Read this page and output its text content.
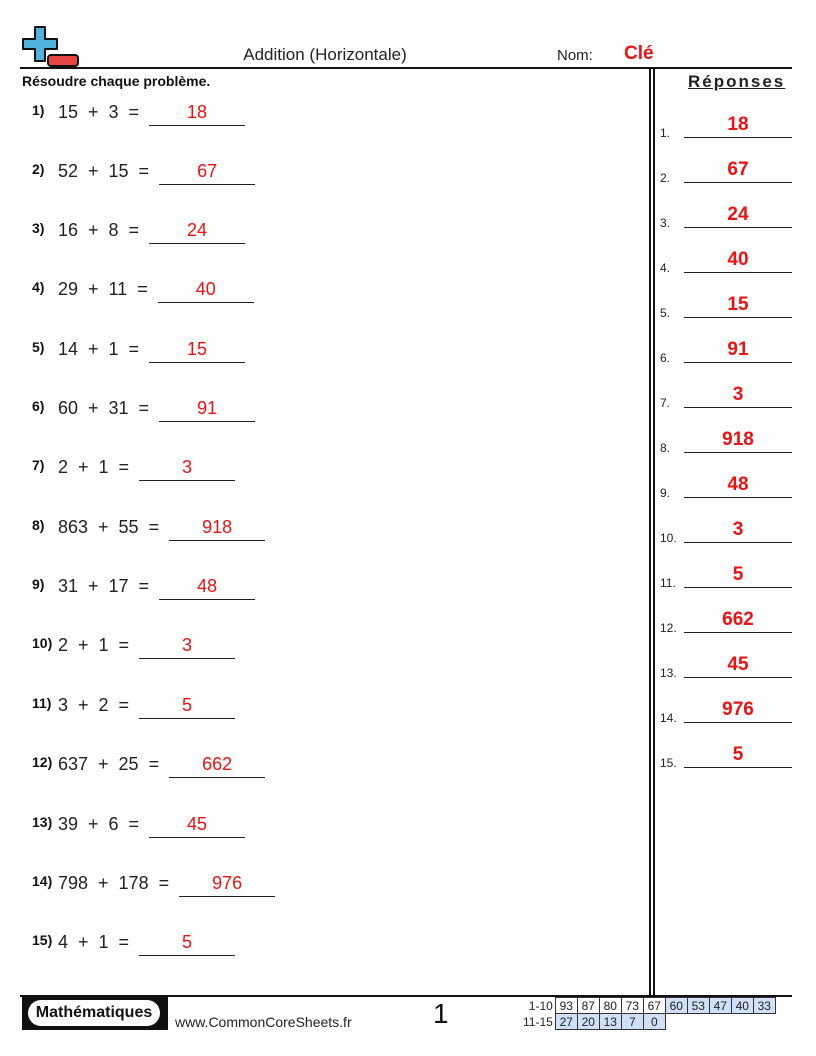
Addition (Horizontale)	Nom: Clé
Résoudre chaque problème.	Réponses
1) 15 + 3 =	18
2) 52 + 15 =	67
3) 16 + 8 =	24
4) 29 + 11 =	40
5) 14 + 1 =	15
6) 60 + 31 =	91
7) 2 + 1 =	3
8) 863 + 55 =	918
9) 31 + 17 =	48
10) 2 + 1 =	3
11) 3 + 2 =	5
12) 637 + 25 =	662
13) 39 + 6 =	45
14) 798 + 178 =	976
15) 4 + 1 =	5
1.	18
2.	67
3.	24
4.	40
5.	15
6.	91
7.	3
8.	918
9.	48
10.	3
11.	5
12.	662
13.	45
14.	976
15.	5
Mathématiques
www.CommonCoreSheets.fr	1	1-10	93	87	80	73	67	60	53	47	40	33
11-15	27	20	13	7	0					
